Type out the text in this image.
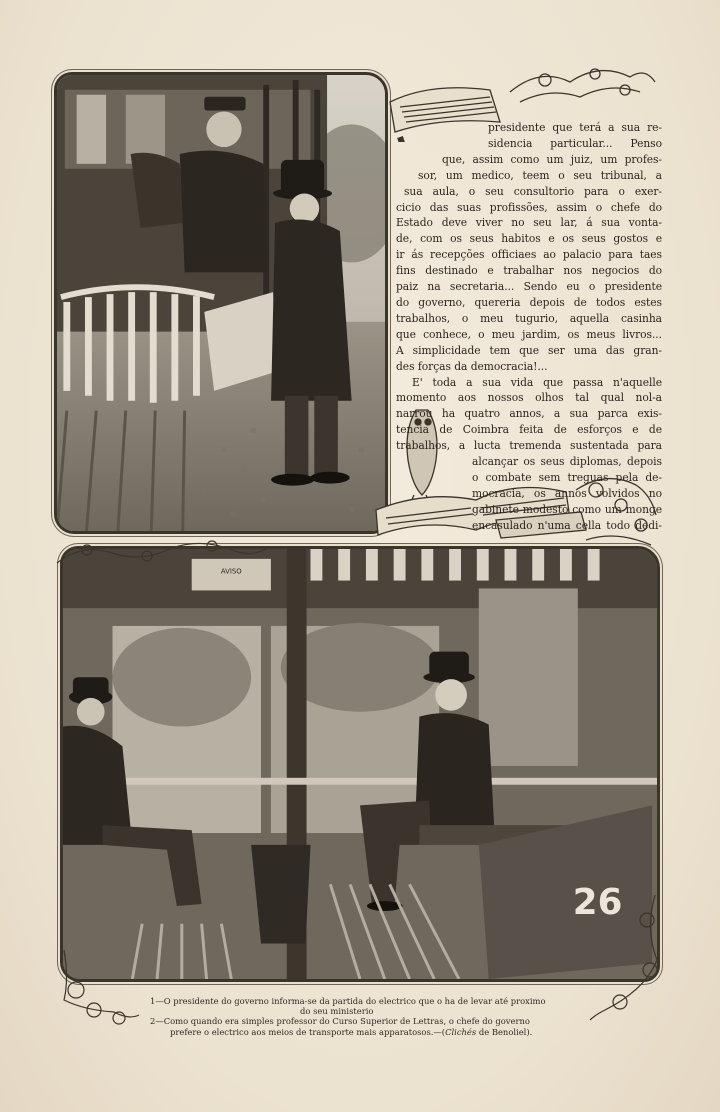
AVISO
26
presidente que terá a sua re-
sidencia particular... Penso
que, assim como um juiz, um profes-
sor, um medico, teem o seu tribunal, a
sua aula, o seu consultorio para o exer-
cicio das suas profissões, assim o chefe do
Estado deve viver no seu lar, á sua vonta-
de, com os seus habitos e os seus gostos e
ir ás recepções officiaes ao palacio para taes
fins destinado e trabalhar nos negocios do
paiz na secretaria... Sendo eu o presidente
do governo, quereria depois de todos estes
trabalhos, o meu tugurio, aquella casinha
que conhece, o meu jardim, os meus livros...
A simplicidade tem que ser uma das gran-
des forças da democracia!...
E' toda a sua vida que passa n'aquelle
momento aos nossos olhos tal qual nol-a
narrou ha quatro annos, a sua parca exis-
tencia de Coimbra feita de esforços e de
trabalhos, a lucta tremenda sustentada para
alcançar os seus diplomas, depois
o combate sem treguas pela de-
mocracia, os annos volvidos no
gabinete modesto como um monge
encasulado n'uma cella todo dedi-
1—O presidente do governo informa-se da partida do electrico que o ha de levar até proximo
do seu ministerio
2—Como quando era simples professor do Curso Superior de Lettras, o chefe do governo
prefere o electrico aos meios de transporte mais apparatosos.—(Clichés de Benoliel).
